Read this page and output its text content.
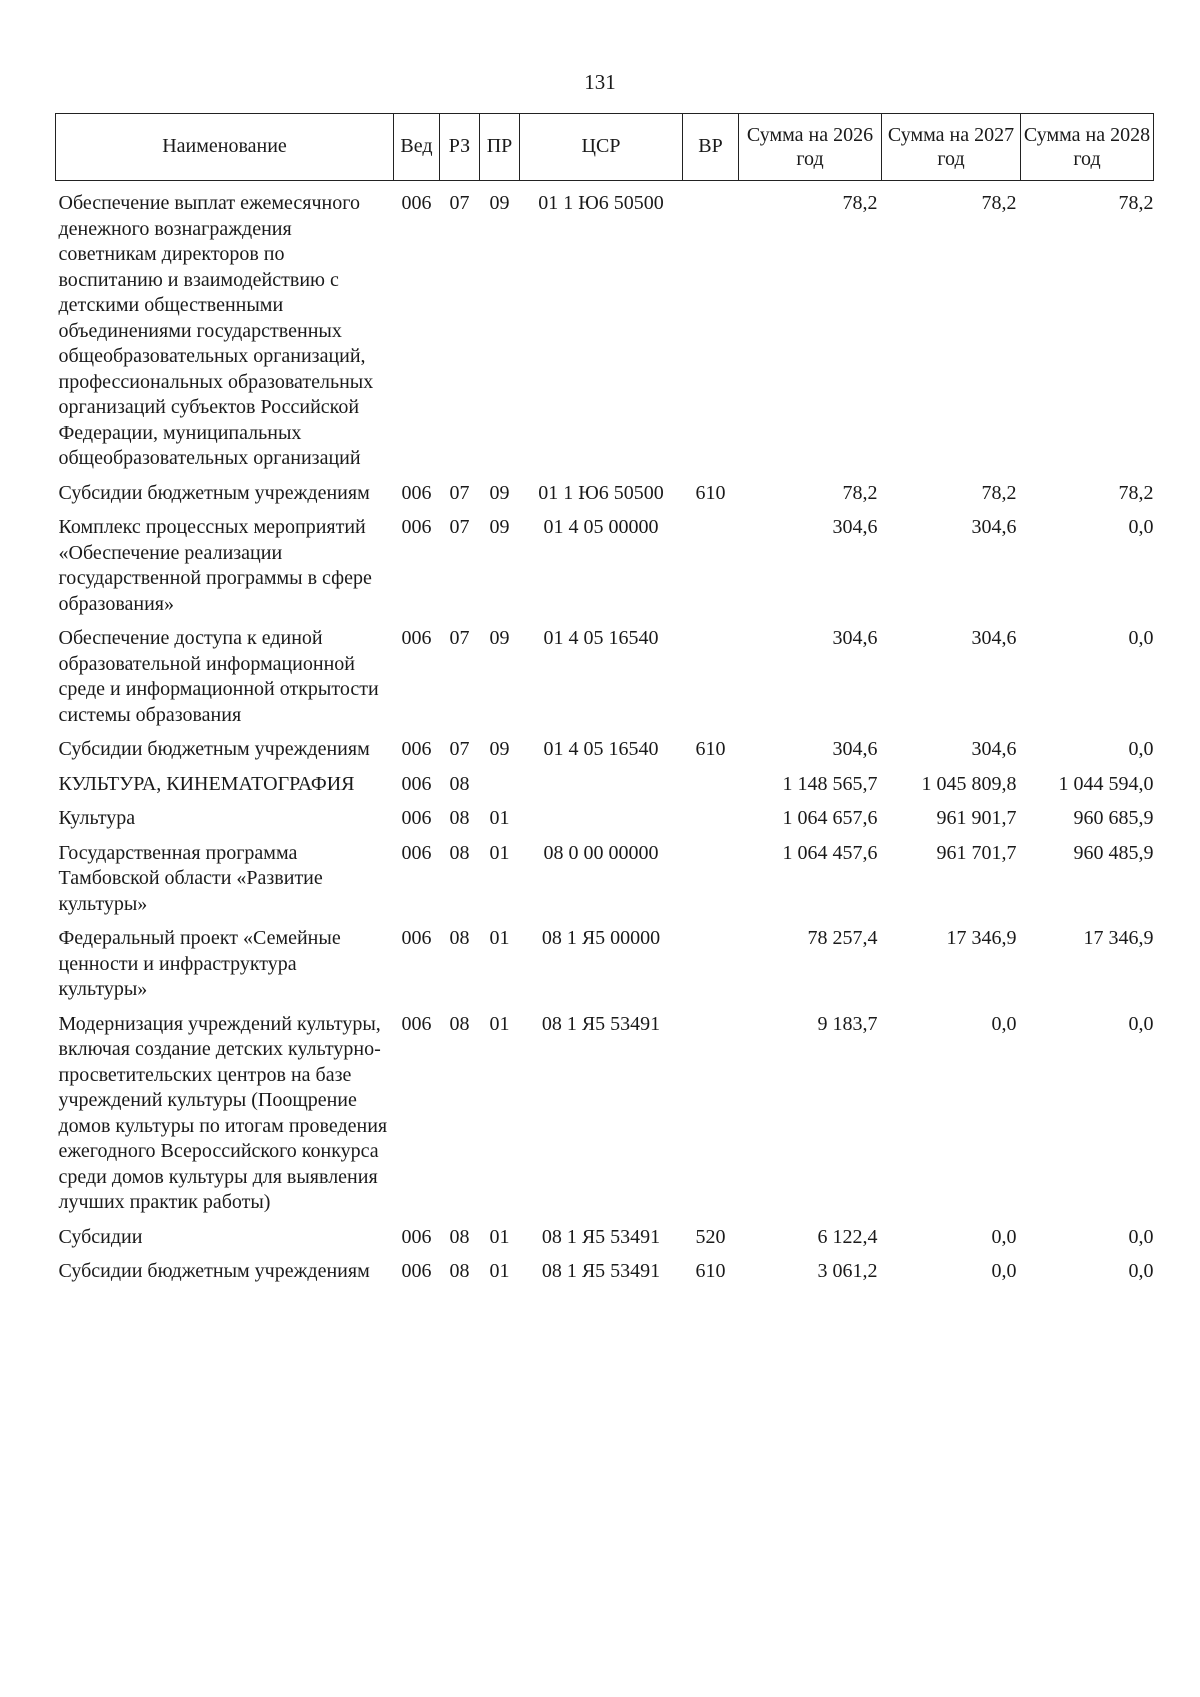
131
Наименование	Вед	РЗ	ПР	ЦСР	ВР	Сумма на 2026 год	Сумма на 2027 год	Сумма на 2028 год
Обеспечение выплат ежемесячного денежного вознаграждения советникам директоров по воспитанию и взаимодействию с детскими общественными объединениями государственных общеобразовательных организаций, профессиональных образовательных организаций субъектов Российской Федерации, муниципальных общеобразовательных организаций	006	07	09	01 1 Ю6 50500		78,2	78,2	78,2
Субсидии бюджетным учреждениям	006	07	09	01 1 Ю6 50500	610	78,2	78,2	78,2
Комплекс процессных мероприятий «Обеспечение реализации государственной программы в сфере образования»	006	07	09	01 4 05 00000		304,6	304,6	0,0
Обеспечение доступа к единой образовательной информационной среде и информационной открытости системы образования	006	07	09	01 4 05 16540		304,6	304,6	0,0
Субсидии бюджетным учреждениям	006	07	09	01 4 05 16540	610	304,6	304,6	0,0
КУЛЬТУРА, КИНЕМАТОГРАФИЯ	006	08				1 148 565,7	1 045 809,8	1 044 594,0
Культура	006	08	01			1 064 657,6	961 901,7	960 685,9
Государственная программа Тамбовской области «Развитие культуры»	006	08	01	08 0 00 00000		1 064 457,6	961 701,7	960 485,9
Федеральный проект «Семейные ценности и инфраструктура культуры»	006	08	01	08 1 Я5 00000		78 257,4	17 346,9	17 346,9
Модернизация учреждений культуры, включая создание детских культурно-просветительских центров на базе учреждений культуры (Поощрение домов культуры по итогам проведения ежегодного Всероссийского конкурса среди домов культуры для выявления лучших практик работы)	006	08	01	08 1 Я5 53491		9 183,7	0,0	0,0
Субсидии	006	08	01	08 1 Я5 53491	520	6 122,4	0,0	0,0
Субсидии бюджетным учреждениям	006	08	01	08 1 Я5 53491	610	3 061,2	0,0	0,0
